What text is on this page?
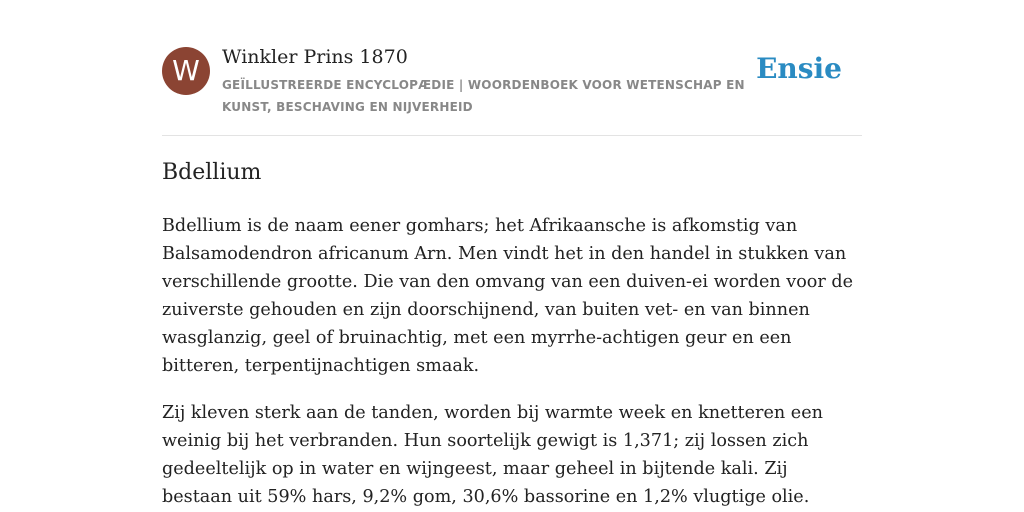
W	Winkler Prins 1870
GEÏLLUSTREERDE ENCYCLOPÆDIE | WOORDENBOEK VOOR WETENSCHAP EN KUNST, BESCHAVING EN NIJVERHEID
Ensie
Bdellium

Bdellium is de naam eener gomhars; het Afrikaansche is afkomstig van Balsamodendron africanum Arn. Men vindt het in den handel in stukken van verschillende grootte. Die van den omvang van een duiven-ei worden voor de zuiverste gehouden en zijn doorschijnend, van buiten vet- en van binnen wasglanzig, geel of bruinachtig, met een myrrhe-achtigen geur en een bitteren, terpentijnachtigen smaak.

Zij kleven sterk aan de tanden, worden bij warmte week en knetteren een weinig bij het verbranden. Hun soortelijk gewigt is 1,371; zij lossen zich gedeeltelijk op in water en wijngeest, maar geheel in bijtende kali. Zij bestaan uit 59% hars, 9,2% gom, 30,6% bassorine en 1,2% vlugtige olie.
